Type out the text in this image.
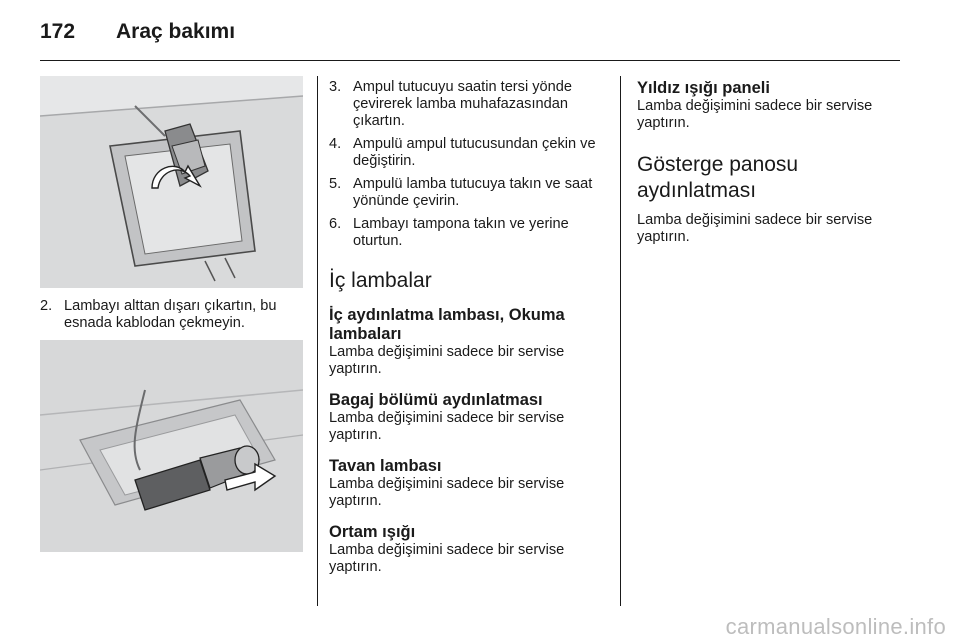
172 Araç bakımı
2. Lambayı alttan dışarı çıkartın, bu esnada kablodan çekmeyin.
3. Ampul tutucuyu saatin tersi yönde çevirerek lamba muhafazasından çıkartın.
4. Ampulü ampul tutucusundan çekin ve değiştirin.
5. Ampulü lamba tutucuya takın ve saat yönünde çevirin.
6. Lambayı tampona takın ve yerine oturtun.
İç lambalar
İç aydınlatma lambası, Okuma lambaları

Lamba değişimini sadece bir servise yaptırın.

Bagaj bölümü aydınlatması

Lamba değişimini sadece bir servise yaptırın.

Tavan lambası

Lamba değişimini sadece bir servise yaptırın.

Ortam ışığı

Lamba değişimini sadece bir servise yaptırın.

Yıldız ışığı paneli

Lamba değişimini sadece bir servise yaptırın.

Gösterge panosu aydınlatması

Lamba değişimini sadece bir servise yaptırın.

carmanualsonline.info
